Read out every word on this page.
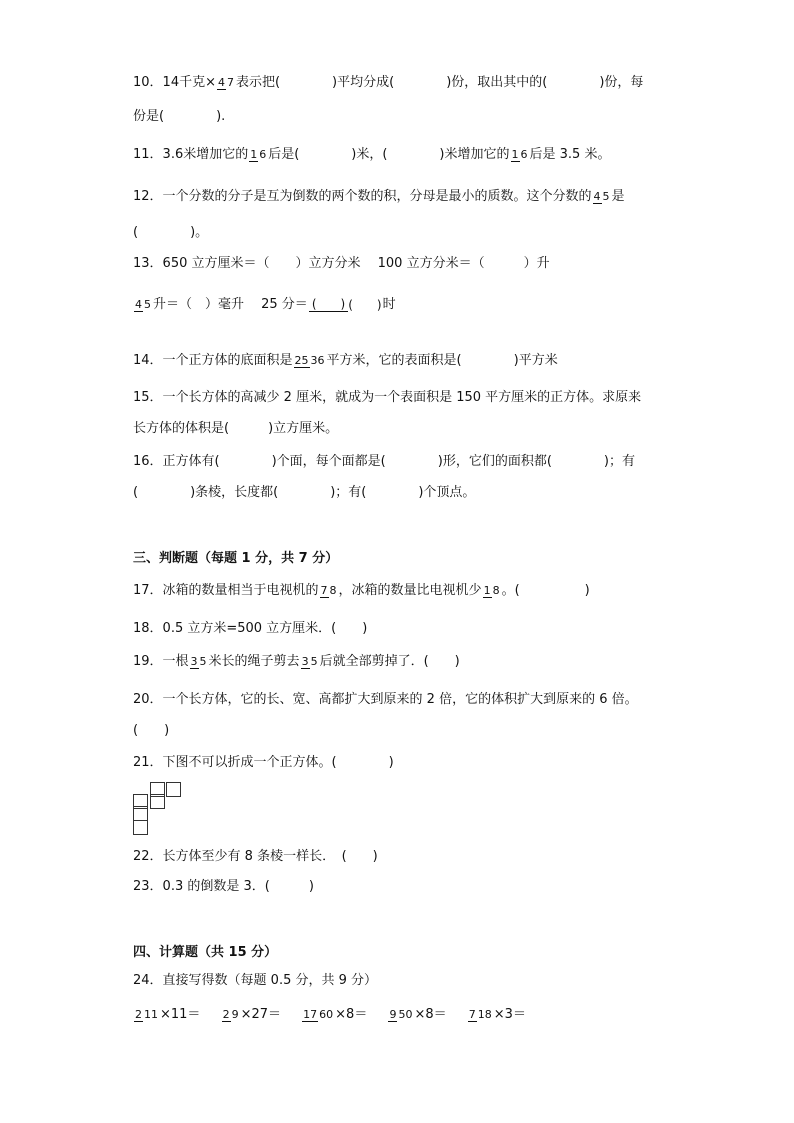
10．14千克× 4 7 表示把(　　　　)平均分成(　　　　)份，取出其中的(　　　　)份，每
份是(　　　　).
11．3.6米增加它的 1 6 后是(　　　　)米，(　　　　)米增加它的 1 6 后是 3.5 米。
12．一个分数的分子是互为倒数的两个数的积，分母是最小的质数。这个分数的 4 5 是
(　　　　)。
13．650 立方厘米＝（　　）立方分米　 100 立方分米＝（　　　）升
4 5 升＝（　）毫升　 25 分＝ (　　) (　　)时
14．一个正方体的底面积是 25 36 平方米，它的表面积是(　　　　)平方米
15．一个长方体的高减少 2 厘米，就成为一个表面积是 150 平方厘米的正方体。求原来
长方体的体积是(　　　)立方厘米。
16．正方体有(　　　　)个面，每个面都是(　　　　)形，它们的面积都(　　　　)；有
(　　　　)条棱，长度都(　　　　)；有(　　　　)个顶点。
三、判断题（每题 1 分，共 7 分）
17．冰箱的数量相当于电视机的 7 8 ，冰箱的数量比电视机少 1 8 。(　　　　　)
18．0.5 立方米=500 立方厘米．(　　)
19．一根 3 5 米长的绳子剪去 3 5 后就全部剪掉了．(　　)
20．一个长方体，它的长、宽、高都扩大到原来的 2 倍，它的体积扩大到原来的 6 倍。
(　　)
21．下图不可以折成一个正方体。(　　　　)
22．长方体至少有 8 条棱一样长．　(　　)
23．0.3 的倒数是 3．(　　　)
四、计算题（共 15 分）
24．直接写得数（每题 0.5 分，共 9 分）
2 11 ×11＝ 2 9 ×27＝ 17 60 ×8＝ 9 50 ×8＝ 7 18 ×3＝
